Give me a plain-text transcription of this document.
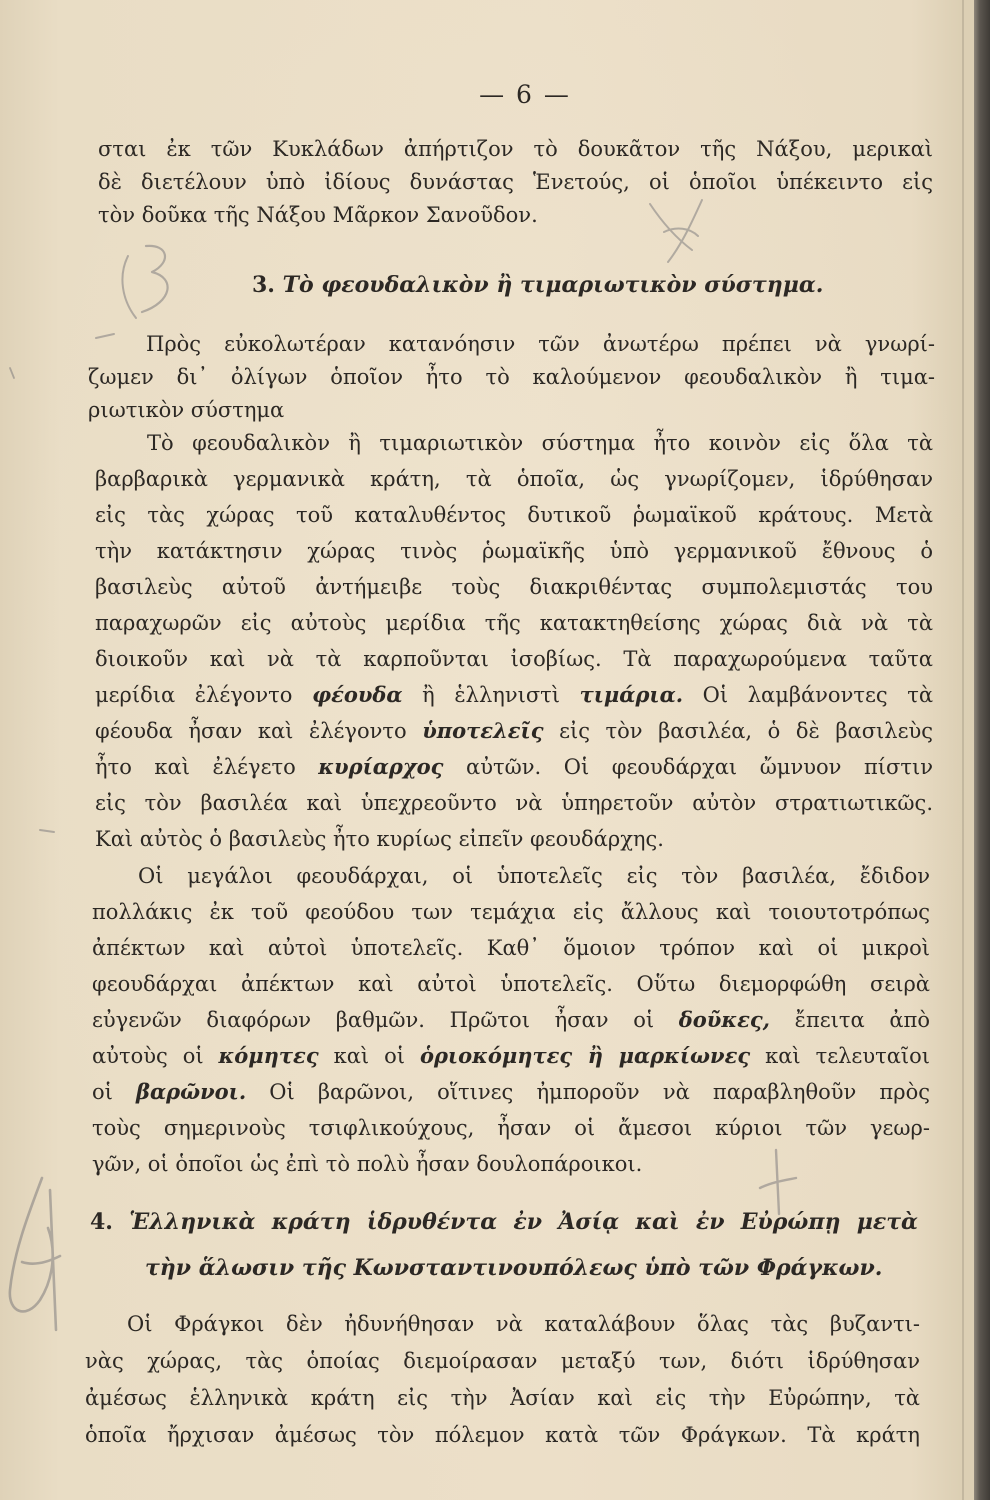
— 6 —
σται ἐκ τῶν Κυκλάδων ἀπήρτιζον τὸ δουκᾶτον τῆς Νάξου, μερικαὶ
δὲ διετέλουν ὑπὸ ἰδίους δυνάστας Ἑνετούς, οἱ ὁποῖοι ὑπέκειντο εἰς
τὸν δοῦκα τῆς Νάξου Μᾶρκον Σανοῦδον.
3. Τὸ φεουδαλικὸν ἢ τιμαριωτικὸν σύστημα.
Πρὸς εὐκολωτέραν κατανόησιν τῶν ἀνωτέρω πρέπει νὰ γνωρί-
ζωμεν δι᾽ ὀλίγων ὁποῖον ἦτο τὸ καλούμενον φεουδαλικὸν ἢ τιμα-
ριωτικὸν σύστημα
Τὸ φεουδαλικὸν ἢ τιμαριωτικὸν σύστημα ἦτο κοινὸν εἰς ὅλα τὰ
βαρβαρικὰ γερμανικὰ κράτη, τὰ ὁποῖα, ὡς γνωρίζομεν, ἱδρύθησαν
εἰς τὰς χώρας τοῦ καταλυθέντος δυτικοῦ ῥωμαϊκοῦ κράτους. Μετὰ
τὴν κατάκτησιν χώρας τινὸς ῥωμαϊκῆς ὑπὸ γερμανικοῦ ἔθνους ὁ
βασιλεὺς αὐτοῦ ἀντήμειβε τοὺς διακριθέντας συμπολεμιστάς του
παραχωρῶν εἰς αὐτοὺς μερίδια τῆς κατακτηθείσης χώρας διὰ νὰ τὰ
διοικοῦν καὶ νὰ τὰ καρποῦνται ἰσοβίως. Τὰ παραχωρούμενα ταῦτα
μερίδια ἐλέγοντο φέουδα ἢ ἑλληνιστὶ τιμάρια. Οἱ λαμβάνοντες τὰ
φέουδα ἦσαν καὶ ἐλέγοντο ὑποτελεῖς εἰς τὸν βασιλέα, ὁ δὲ βασιλεὺς
ἦτο καὶ ἐλέγετο κυρίαρχος αὐτῶν. Οἱ φεουδάρχαι ὤμνυον πίστιν
εἰς τὸν βασιλέα καὶ ὑπεχρεοῦντο νὰ ὑπηρετοῦν αὐτὸν στρατιωτικῶς.
Καὶ αὐτὸς ὁ βασιλεὺς ἦτο κυρίως εἰπεῖν φεουδάρχης.
Οἱ μεγάλοι φεουδάρχαι, οἱ ὑποτελεῖς εἰς τὸν βασιλέα, ἔδιδον
πολλάκις ἐκ τοῦ φεούδου των τεμάχια εἰς ἄλλους καὶ τοιουτοτρόπως
ἀπέκτων καὶ αὐτοὶ ὑποτελεῖς. Καθ᾽ ὅμοιον τρόπον καὶ οἱ μικροὶ
φεουδάρχαι ἀπέκτων καὶ αὐτοὶ ὑποτελεῖς. Οὕτω διεμορφώθη σειρὰ
εὐγενῶν διαφόρων βαθμῶν. Πρῶτοι ἦσαν οἱ δοῦκες, ἔπειτα ἀπὸ
αὐτοὺς οἱ κόμητες καὶ οἱ ὁριοκόμητες ἢ μαρκίωνες καὶ τελευταῖοι
οἱ βαρῶνοι. Οἱ βαρῶνοι, οἵτινες ἠμποροῦν νὰ παραβληθοῦν πρὸς
τοὺς σημερινοὺς τσιφλικούχους, ἦσαν οἱ ἄμεσοι κύριοι τῶν γεωρ-
γῶν, οἱ ὁποῖοι ὡς ἐπὶ τὸ πολὺ ἦσαν δουλοπάροικοι.
4. Ἑλληνικὰ κράτη ἱδρυθέντα ἐν Ἀσίᾳ καὶ ἐν Εὐρώπῃ μετὰ
τὴν ἅλωσιν τῆς Κωνσταντινουπόλεως ὑπὸ τῶν Φράγκων.
Οἱ Φράγκοι δὲν ἠδυνήθησαν νὰ καταλάβουν ὅλας τὰς βυζαντι-
νὰς χώρας, τὰς ὁποίας διεμοίρασαν μεταξύ των, διότι ἱδρύθησαν
ἀμέσως ἑλληνικὰ κράτη εἰς τὴν Ἀσίαν καὶ εἰς τὴν Εὐρώπην, τὰ
ὁποῖα ἤρχισαν ἀμέσως τὸν πόλεμον κατὰ τῶν Φράγκων. Τὰ κράτη
